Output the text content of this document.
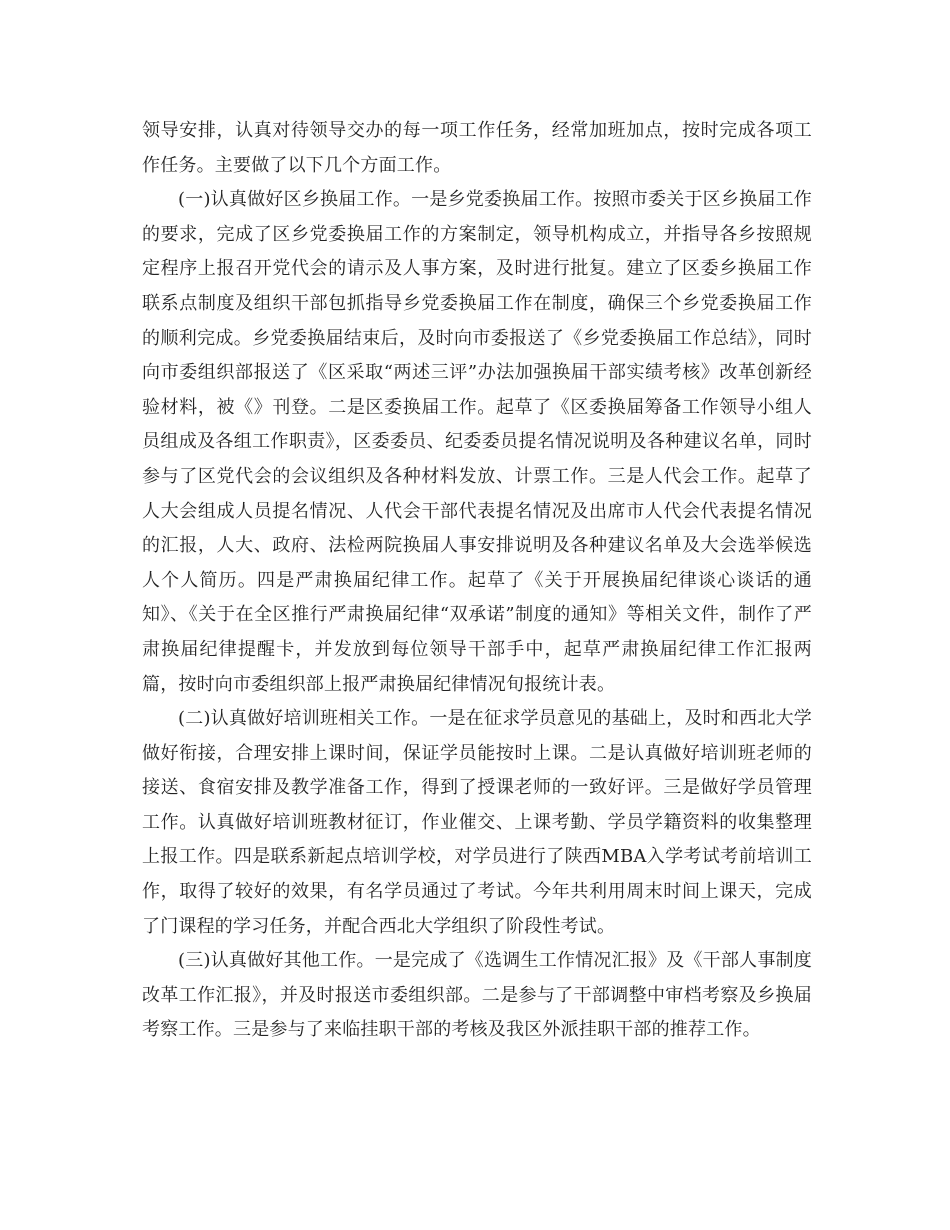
领导安排，认真对待领导交办的每一项工作任务，经常加班加点，按时完成各项工作任务。主要做了以下几个方面工作。

(一)认真做好区乡换届工作。一是乡党委换届工作。按照市委关于区乡换届工作的要求，完成了区乡党委换届工作的方案制定，领导机构成立，并指导各乡按照规定程序上报召开党代会的请示及人事方案，及时进行批复。建立了区委乡换届工作联系点制度及组织干部包抓指导乡党委换届工作在制度，确保三个乡党委换届工作的顺利完成。乡党委换届结束后，及时向市委报送了《乡党委换届工作总结》，同时向市委组织部报送了《区采取“两述三评”办法加强换届干部实绩考核》改革创新经验材料，被《》刊登。二是区委换届工作。起草了《区委换届筹备工作领导小组人员组成及各组工作职责》，区委委员、纪委委员提名情况说明及各种建议名单，同时参与了区党代会的会议组织及各种材料发放、计票工作。三是人代会工作。起草了人大会组成人员提名情况、人代会干部代表提名情况及出席市人代会代表提名情况的汇报，人大、政府、法检两院换届人事安排说明及各种建议名单及大会选举候选人个人简历。四是严肃换届纪律工作。起草了《关于开展换届纪律谈心谈话的通知》、《关于在全区推行严肃换届纪律“双承诺”制度的通知》等相关文件，制作了严肃换届纪律提醒卡，并发放到每位领导干部手中，起草严肃换届纪律工作汇报两篇，按时向市委组织部上报严肃换届纪律情况旬报统计表。

(二)认真做好培训班相关工作。一是在征求学员意见的基础上，及时和西北大学做好衔接，合理安排上课时间，保证学员能按时上课。二是认真做好培训班老师的接送、食宿安排及教学准备工作，得到了授课老师的一致好评。三是做好学员管理工作。认真做好培训班教材征订，作业催交、上课考勤、学员学籍资料的收集整理上报工作。四是联系新起点培训学校，对学员进行了陕西MBA入学考试考前培训工作，取得了较好的效果，有名学员通过了考试。今年共利用周末时间上课天，完成了门课程的学习任务，并配合西北大学组织了阶段性考试。

(三)认真做好其他工作。一是完成了《选调生工作情况汇报》及《干部人事制度改革工作汇报》，并及时报送市委组织部。二是参与了干部调整中审档考察及乡换届考察工作。三是参与了来临挂职干部的考核及我区外派挂职干部的推荐工作。
